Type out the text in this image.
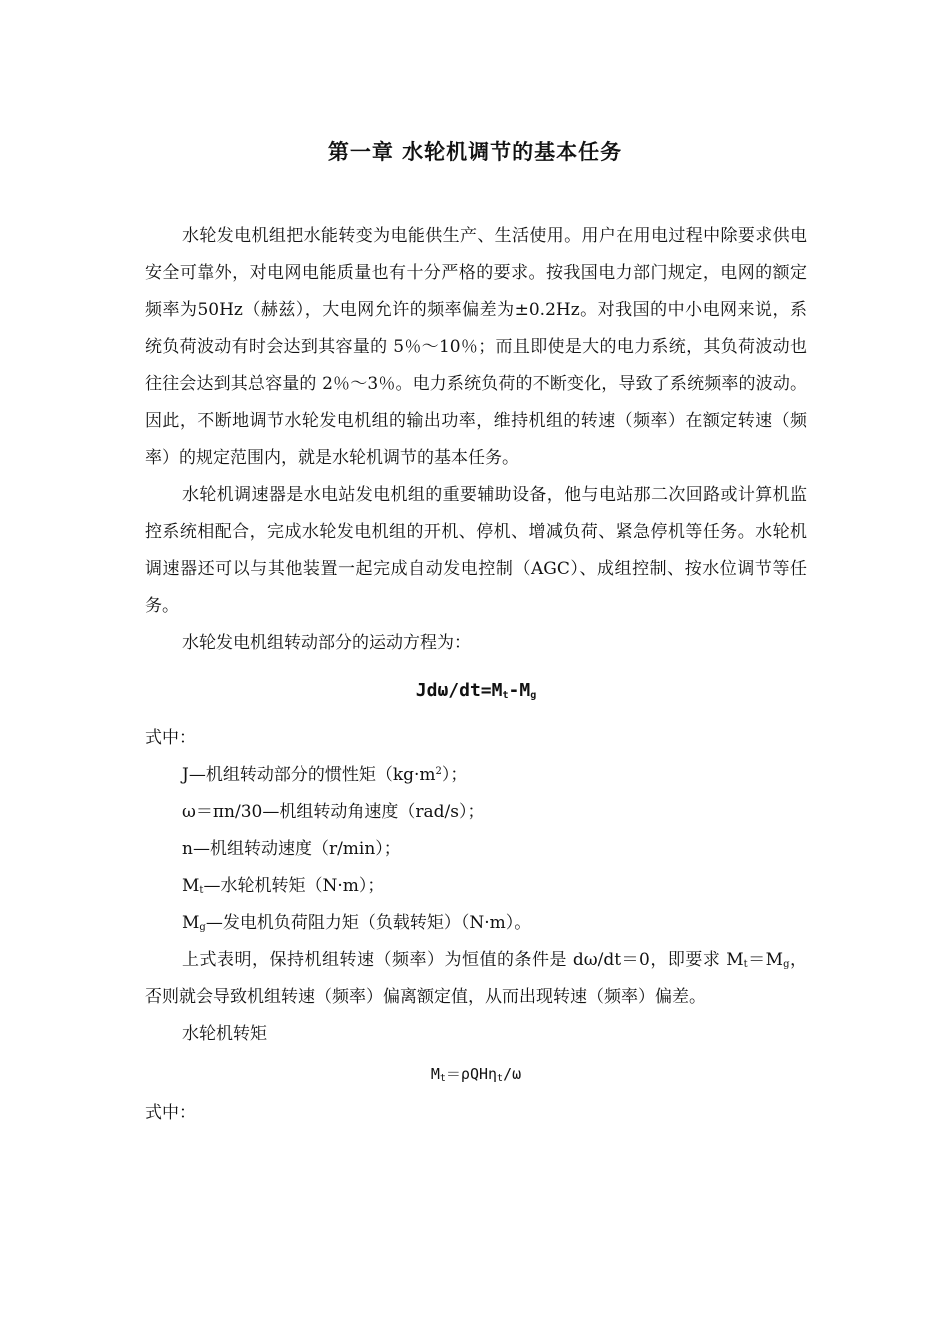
第一章 水轮机调节的基本任务

水轮发电机组把水能转变为电能供生产、生活使用。用户在用电过程中除要求供电安全可靠外，对电网电能质量也有十分严格的要求。按我国电力部门规定，电网的额定频率为50Hz（赫兹），大电网允许的频率偏差为±0.2Hz。对我国的中小电网来说，系统负荷波动有时会达到其容量的 5％～10％；而且即使是大的电力系统，其负荷波动也往往会达到其总容量的 2％～3％。电力系统负荷的不断变化，导致了系统频率的波动。因此，不断地调节水轮发电机组的输出功率，维持机组的转速（频率）在额定转速（频率）的规定范围内，就是水轮机调节的基本任务。

水轮机调速器是水电站发电机组的重要辅助设备，他与电站那二次回路或计算机监控系统相配合，完成水轮发电机组的开机、停机、增减负荷、紧急停机等任务。水轮机调速器还可以与其他装置一起完成自动发电控制（AGC）、成组控制、按水位调节等任务。

水轮发电机组转动部分的运动方程为：

Jdω/$dt=M_t-M_g$

式中：

J—机组转动部分的惯性矩$(kg\cdot m^2)$；

ω＝πn/30—机组转动角速度（rad/s）；

n—机组转动速度（r/min）；

$M_t—$水轮机转矩（N·m）；

$M_g—$发电机负荷阻力矩（负载转矩）（N·m）。

上式表明，保持机组转速（频率）为恒值的条件是 dω/dt＝0，即要求 $M_t=M_g$，否则就会导致机组转速（频率）偏离额定值，从而出现转速（频率）偏差。

水轮机转矩

$M_t=\rho QH\eta_t/\omega$

式中：
